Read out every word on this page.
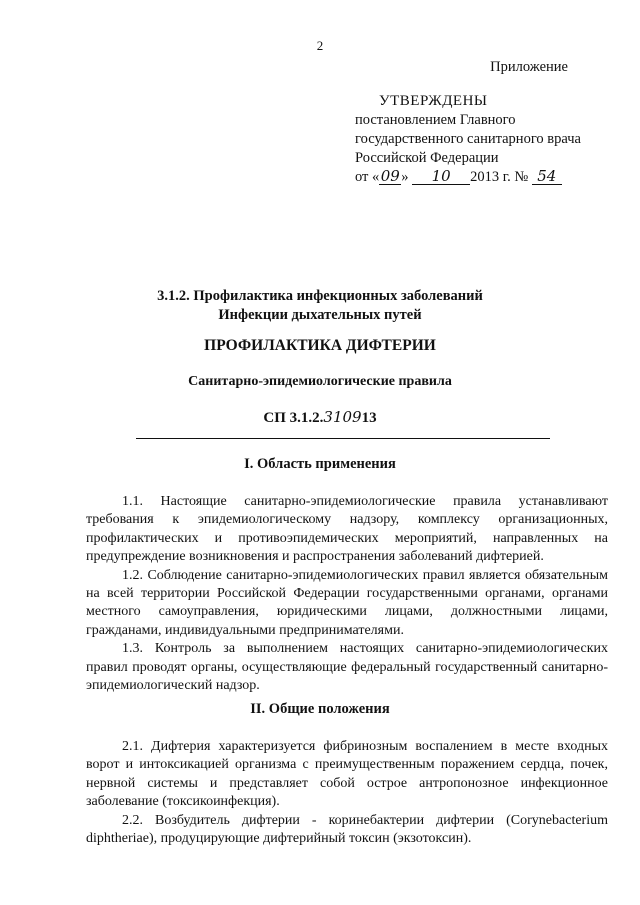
2
Приложение
УТВЕРЖДЕНЫ
постановлением Главного
государственного санитарного врача
Российской Федерации
от «09» 10 2013 г. № 54
3.1.2. Профилактика инфекционных заболеваний
Инфекции дыхательных путей
ПРОФИЛАКТИКА ДИФТЕРИИ
Санитарно-эпидемиологические правила
СП 3.1.2.310913
I. Область применения

1.1. Настоящие санитарно-эпидемиологические правила устанавливают требования к эпидемиологическому надзору, комплексу организационных, профилактических и противоэпидемических мероприятий, направленных на предупреждение возникновения и распространения заболеваний дифтерией.

1.2. Соблюдение санитарно-эпидемиологических правил является обязательным на всей территории Российской Федерации государственными органами, органами местного самоуправления, юридическими лицами, должностными лицами, гражданами, индивидуальными предпринимателями.

1.3. Контроль за выполнением настоящих санитарно-эпидемиологических правил проводят органы, осуществляющие федеральный государственный санитарно-эпидемиологический надзор.

II. Общие положения

2.1. Дифтерия характеризуется фибринозным воспалением в месте входных ворот и интоксикацией организма с преимущественным поражением сердца, почек, нервной системы и представляет собой острое антропонозное инфекционное заболевание (токсикоинфекция).

2.2. Возбудитель дифтерии - коринебактерии дифтерии (Corynebacterium diphtheriae), продуцирующие дифтерийный токсин (экзотоксин).
